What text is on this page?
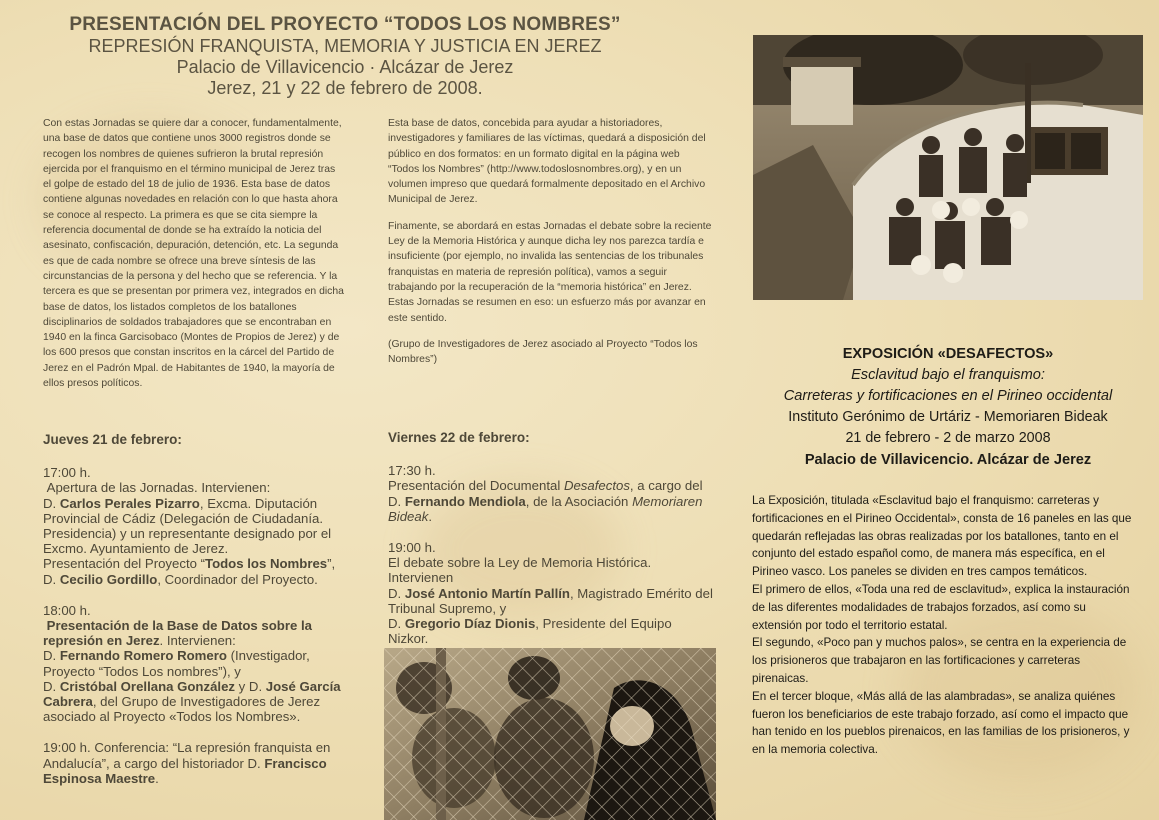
PRESENTACIÓN DEL PROYECTO “TODOS LOS NOMBRES”
REPRESIÓN FRANQUISTA, MEMORIA Y JUSTICIA EN JEREZ
Palacio de Villavicencio · Alcázar de Jerez
Jerez, 21 y 22 de febrero de 2008.

Con estas Jornadas se quiere dar a conocer, fundamentalmente, una base de datos que contiene unos 3000 registros donde se recogen los nombres de quienes sufrieron la brutal represión ejercida por el franquismo en el término municipal de Jerez tras el golpe de estado del 18 de julio de 1936. Esta base de datos contiene algunas novedades en relación con lo que hasta ahora se conoce al respecto. La primera es que se cita siempre la referencia documental de donde se ha extraído la noticia del asesinato, confiscación, depuración, detención, etc. La segunda es que de cada nombre se ofrece una breve síntesis de las circunstancias de la persona y del hecho que se referencia. Y la tercera es que se presentan por primera vez, integrados en dicha base de datos, los listados completos de los batallones disciplinarios de soldados trabajadores que se encontraban en 1940 en la finca Garcisobaco (Montes de Propios de Jerez) y de los 600 presos que constan inscritos en la cárcel del Partido de Jerez en el Padrón Mpal. de Habitantes de 1940, la mayoría de ellos presos políticos.

Esta base de datos, concebida para ayudar a historiadores, investigadores y familiares de las víctimas, quedará a disposición del público en dos formatos: en un formato digital en la página web “Todos los Nombres” (http://www.todoslosnombres.org), y en un volumen impreso que quedará formalmente depositado en el Archivo Municipal de Jerez.

Finamente, se abordará en estas Jornadas el debate sobre la reciente Ley de la Memoria Histórica y aunque dicha ley nos parezca tardía e insuficiente (por ejemplo, no invalida las sentencias de los tribunales franquistas en materia de represión política), vamos a seguir trabajando por la recuperación de la “memoria histórica” en Jerez. Estas Jornadas se resumen en eso: un esfuerzo más por avanzar en este sentido.

(Grupo de Investigadores de Jerez asociado al Proyecto “Todos los Nombres”)

Jueves 21 de febrero:

17:00 h.
Apertura de las Jornadas. Intervienen:
D. Carlos Perales Pizarro, Excma. Diputación Provincial de Cádiz (Delegación de Ciudadanía. Presidencia) y un representante designado por el Excmo. Ayuntamiento de Jerez.
Presentación del Proyecto “Todos los Nombres”, D. Cecilio Gordillo, Coordinador del Proyecto.

18:00 h.
Presentación de la Base de Datos sobre la represión en Jerez. Intervienen:
D. Fernando Romero Romero (Investigador, Proyecto “Todos Los nombres”), y
D. Cristóbal Orellana González y D. José García Cabrera, del Grupo de Investigadores de Jerez asociado al Proyecto «Todos los Nombres».

19:00 h. Conferencia: “La represión franquista en Andalucía”, a cargo del historiador D. Francisco Espinosa Maestre.

Viernes 22 de febrero:

17:30 h.
Presentación del Documental Desafectos, a cargo del D. Fernando Mendiola, de la Asociación Memoriaren Bideak.

19:00 h.
El debate sobre la Ley de Memoria Histórica. Intervienen
D. José Antonio Martín Pallín, Magistrado Emérito del Tribunal Supremo, y
D. Gregorio Díaz Dionis, Presidente del Equipo Nizkor.

EXPOSICIÓN «DESAFECTOS»
Esclavitud bajo el franquismo:
Carreteras y fortificaciones en el Pirineo occidental
Instituto Gerónimo de Urtáriz - Memoriaren Bideak
21 de febrero - 2 de marzo 2008
Palacio de Villavicencio. Alcázar de Jerez

La Exposición, titulada «Esclavitud bajo el franquismo: carreteras y fortificaciones en el Pirineo Occidental», consta de 16 paneles en las que quedarán reflejadas las obras realizadas por los batallones, tanto en el conjunto del estado español como, de manera más específica, en el Pirineo vasco. Los paneles se dividen en tres campos temáticos.

El primero de ellos, «Toda una red de esclavitud», explica la instauración de las diferentes modalidades de trabajos forzados, así como su extensión por todo el territorio estatal.

El segundo, «Poco pan y muchos palos», se centra en la experiencia de los prisioneros que trabajaron en las fortificaciones y carreteras pirenaicas.

En el tercer bloque, «Más allá de las alambradas», se analiza quiénes fueron los beneficiarios de este trabajo forzado, así como el impacto que han tenido en los pueblos pirenaicos, en las familias de los prisioneros, y en la memoria colectiva.
